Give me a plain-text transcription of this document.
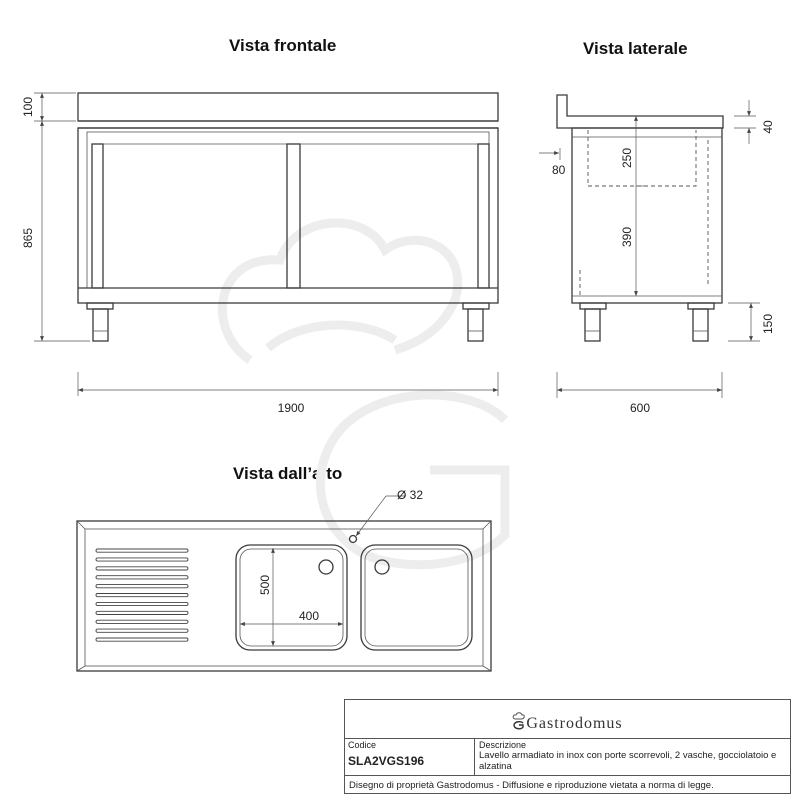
Vista frontale	Vista laterale
Vista dall’alto
100
865
1900
250
390
40
80
150
600
Ø 32
500
400
Gastrodomus
Codice
SLA2VGS196
Descrizione
Lavello armadiato in inox con porte scorrevoli, 2 vasche, gocciolatoio e alzatina
Disegno di proprietà Gastrodomus - Diffusione e riproduzione vietata a norma di legge.
